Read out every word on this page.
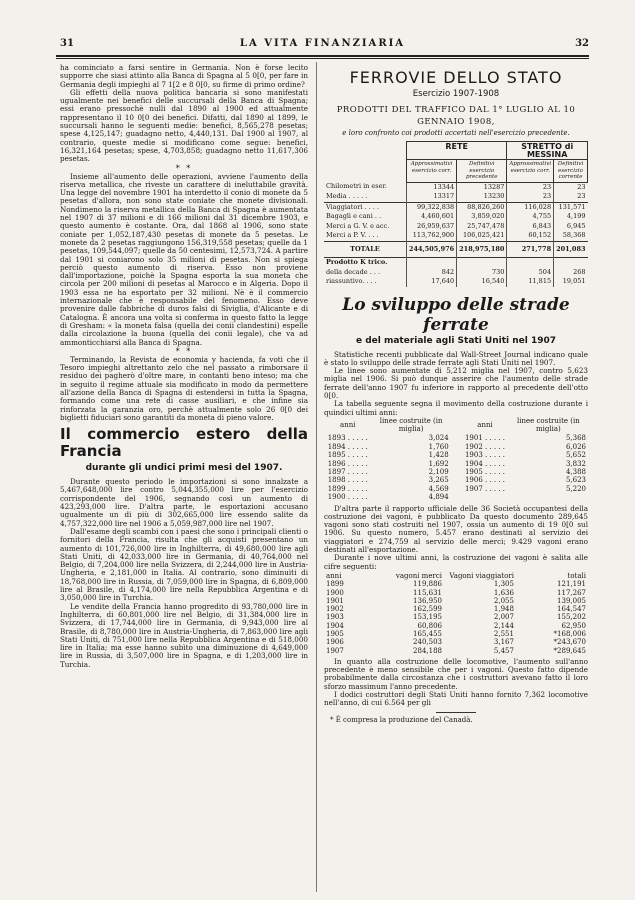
31	LA VITA FINANZIARIA	32

ha cominciato a farsi sentire in Germania. Non è forse lecito supporre che siasi attinto alla Banca di Spagna al 5 0[0, per fare in Germania degli impieghi al 7 1[2 e 8 0[0, su firme di primo ordine?

Gli effetti della nuova politica bancaria si sono manifestati ugualmente nei benefici delle succursali della Banca di Spagna; essi erano pressochè nulli dal 1890 al 1900 ed attualmente rappresentano il 10 0[0 dei benefici. Difatti, dal 1890 al 1899, le succursali hanno le seguenti medie: benefici, 8,565,278 pesetas; spese 4,125,147; guadagno netto, 4,440,131. Dal 1900 al 1907, al contrario, queste medie si modificano come segue: benefici, 16,321,164 pesetas; spese, 4,703,858; guadagno netto 11,617,306 pesetas.

* *

Insieme all'aumento delle operazioni, avviene l'aumento della riserva metallica, che riveste un carattere di ineluttabile gravità. Una legge del novembre 1901 ha interdetto il conio di monete da 5 pesetas d'allora, non sono state coniate che monete divisionali. Nondimeno la riserva metallica della Banca di Spagna è aumentata nel 1907 di 37 milioni e di 166 milioni dal 31 dicembre 1903, e questo aumento è costante. Ora, dal 1868 al 1906, sono state coniate per 1,052,187,430 pesetas di monete da 5 pesetas. Le monete da 2 pesetas raggiungono 156,319,558 pesetas; quelle da 1 pesetas, 109,544,097; quelle da 50 centesimi, 12,573,724. A partire dal 1901 si coniarono solo 35 milioni di pesetas. Non si spiega perciò questo aumento di riserva. Esso non proviene dall'importazione, poichè la Spagna esporta la sua moneta che circola per 200 milioni di pesetas al Marocco e in Algeria. Dopo il 1903 essa ne ha esportato per 32 milioni. Nè è il commercio internazionale che è responsabile del fenomeno. Esso deve provenire dalle fabbriche di duros falsi di Siviglia, d'Alicante e di Catalogna. È ancora una volta si conferma in questo fatto la legge di Gresham: « la moneta falsa (quella dei conii clandestini) espelle dalla circolazione la buona (quella dei conii legale), che va ad ammonticchiarsi alla Banca di Spagna.

* *

Terminando, la Revista de economia y hacienda, fa voti che il Tesoro impieghi altrettanto zelo che nel passato a rimborsare il residuo dei pagherò d'oltre mare, in contanti beno inteso; ma che in seguito il regime attuale sia modificato in modo da permettere all'azione della Banca di Spagna di estendersi in tutta la Spagna, formando come una rete di casse ausiliari, e che infine sia rinforzata la garanzia oro, perchè attualmente solo 26 0[0 dei biglietti fiduciari sono garantiti da moneta di pieno valore.

Il commercio estero della Francia
durante gli undici primi mesi del 1907.

Durante questo periodo le importazioni si sono innalzate a 5,467,648,000 lire contro 5,044,355,000 lire per l'esercizio corrispondente del 1906, segnando così un aumento di 423,293,000 lire. D'altra parte, le esportazioni accusano ugualmente un di più di 302,665,000 lire essendo salite da 4,757,322,000 lire nel 1906 a 5,059,987,000 lire nel 1907.

Dall'esame degli scambi con i paesi che sono i principali clienti o fornitori della Francia, risulta che gli acquisti presentano un aumento di 101,726,000 lire in Inghilterra, di 49,680,000 lire agli Stati Uniti, di 42,033,000 lire in Germania, di 40,764,000 nel Belgio, di 7,204,000 lire nella Svizzera, di 2,244,000 lire in Austria-Ungheria, e 2,181,000 in Italia. Al contrario, sono diminuiti di 18,768,000 lire in Russia, di 7,059,000 lire in Spagna, di 6,809,000 lire al Brasile, di 4,174,000 lire nella Repubblica Argentina e di 3,050,000 lire in Turchia.

Le vendite della Francia hanno progredito di 93,780,000 lire in Inghilterra, di 60,801,000 lire nel Belgio, di 31,384,000 lire in Svizzera, di 17,744,000 lire in Germania, di 9,943,000 lire al Brasile, di 8,780,000 lire in Austria-Ungheria, di 7,863,000 lire agli Stati Uniti, di 751,000 lire nella Repubblica Argentina e di 518,000 lire in Italia; ma esse hanno subìto una diminuzione di 4,649,000 lire in Russia, di 3,507,000 lire in Spagna, e di 1,203,000 lire in Turchia.

FERROVIE DELLO STATO
Esercizio 1907-1908
PRODOTTI DEL TRAFFICO DAL 1° LUGLIO AL 10 GENNAIO 1908,
e loro confronto coi prodotti accertati nell'esercizio precedente.
	RETE		STRETTO di MESSINA	
	Approssimativi esercizio corr.	Definitivi esercizio precedente	Approssimativi esercizio corr.	Definitivi esercizio corrente
Chilometri in eser.	13344	13287	23	23
Media . . . . .	13317	13230	23	23
Viaggiatori . . . .	99,322,838	88,826,260	116,028	131,571
Bagagli e cani . .	4,460,601	3,859,020	4,755	4,199
Merci a G. V. e acc.	26,959,637	25,747,478	6,843	6,945
Merci a P. V. . . .	113,762,900	106,025,421	60,152	58,368
TOTALE	244,505,976	218,975,180	271,778	201,083
Prodotto K trico.				
della decade . . .	842	730	504	268
riassuntivo. . . .	17,640	16,540	11,815	19,051
Lo sviluppo delle strade ferrate
e del materiale agli Stati Uniti nel 1907

Statistiche recenti pubblicate dal Wall-Street Journal indicano quale è stato lo sviluppo delle strade ferrate agli Stati Uniti nel 1907.

Le linee sono aumentate di 5,212 miglia nel 1907, contro 5,623 miglia nel 1906. Si può dunque asserire che l'aumento delle strade ferrate dell'anno 1907 fu inferiore in rapporto al precedente dell'otto 0[0.

La tabella seguente segna il movimento della costruzione durante i quindici ultimi anni:

anni	linee costruite (in miglia)		anni	linee costruite (in miglia)
1893 . . . . .	3,024		1901 . . . . .	5,368
1894 . . . . .	1,760		1902 . . . . .	6,026
1895 . . . . .	1,428		1903 . . . . .	5,652
1896 . . . . .	1,692		1904 . . . . .	3,832
1897 . . . . .	2,109		1905 . . . . .	4,388
1898 . . . . .	3,265		1906 . . . . .	5,623
1899 . . . . .	4,569		1907 . . . . .	5,220
1900 . . . . .	4,894			

D'altra parte il rapporto ufficiale delle 36 Società occupantesi della costruzione dei vagoni, è pubblicato Da questo documento 289,645 vagoni sono stati costruiti nel 1907, ossia un aumento di 19 0[0 sul 1906. Su questo numero, 5.457 erano destinati al servizio dei viaggiatori e 274,759 al servizio delle merci; 9.429 vagoni erano destinati all'esportazione.

Durante i nove ultimi anni, la costruzione dei vagoni è salita alle cifre seguenti:

anni	vagoni merci	Vagoni viaggiatori	totali
1899	119,886	1,305	121,191
1900	115,631	1,636	117,267
1901	136,950	2,055	139,005
1902	162,599	1,948	164,547
1903	153,195	2,007	155,202
1904	60,806	2,144	62,950
1905	165,455	2,551	*168,006
1906	240,503	3,167	*243,670
1907	284,188	5,457	*289,645

In quanto alla costruzione delle locomotive, l'aumento sull'anno precedente è meno sensibile che per i vagoni. Questo fatto dipende probabilmente dalla circostanza che i costruttori avevano fatto il loro sforzo massimum l'anno precedente.

I dodici costruttori degli Stati Uniti hanno fornito 7,362 locomotive nell'anno, di cui 6.564 per gli

* È compresa la produzione del Canadà.
